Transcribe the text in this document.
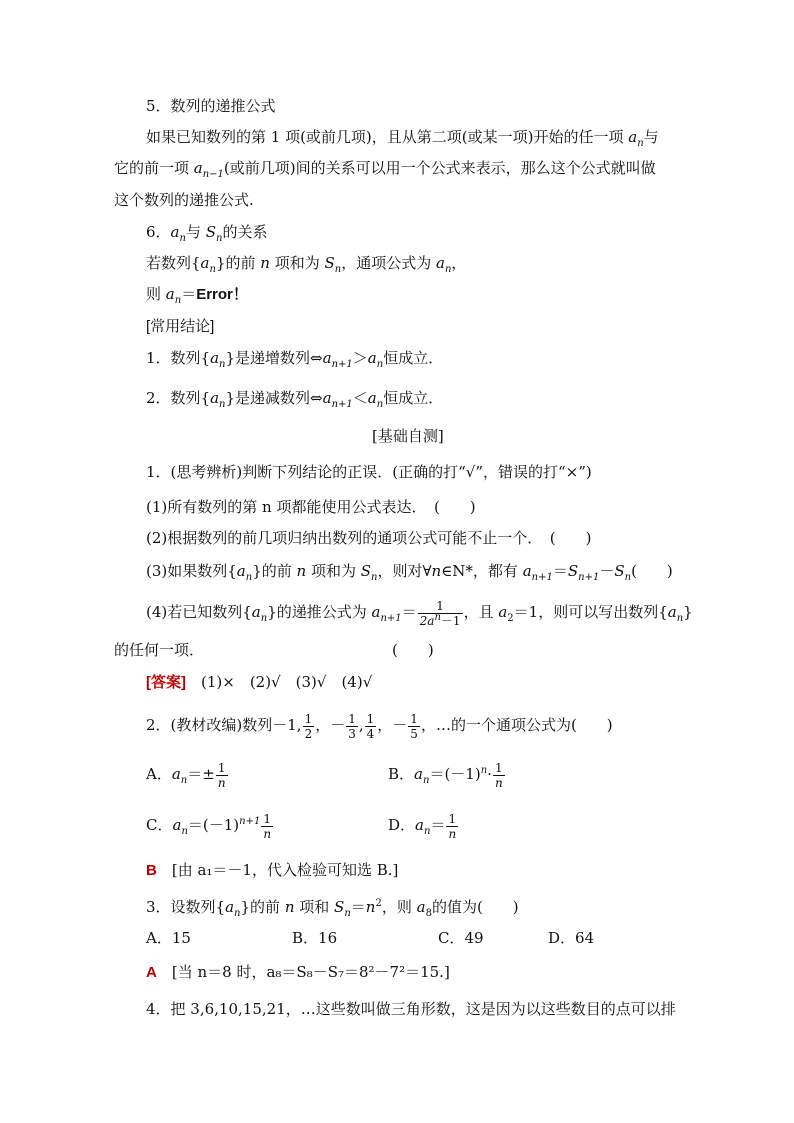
5．数列的递推公式
如果已知数列的第 1 项(或前几项)，且从第二项(或某一项)开始的任一项 $a_n$与
它的前一项 $a_{n-1}$(或前几项)间的关系可以用一个公式来表示，那么这个公式就叫做
这个数列的递推公式.
6．$a_n$与 $S_n$的关系
若数列$\{a_n\}$的前 n 项和为 $S_n$，通项公式为 $a_n$，
则 $a_n=Error$！
[常用结论]
1．数列$\{a_n\}$是递增数列$\Leftrightarrow a_{n+1}>a_n$恒成立．
2．数列$\{a_n\}$是递减数列$\Leftrightarrow a_{n+1}<a_n$恒成立．
[基础自测]
1．(思考辨析)判断下列结论的正误．(正确的打“√”，错误的打“×”)
(1)所有数列的第 n 项都能使用公式表达．　(　　)
(2)根据数列的前几项归纳出数列的通项公式可能不止一个．　(　　)
(3)如果数列$\{a_n\}$的前 n 项和为 $S_n$，则对∀n∈N*，都有 $a_{n+1}=S_{n+1}-S_n$(　　)
(4)若已知数列$\{a_n\}$的递推公式为 $a_{n+1}= \frac{1}{2a^n-1}$ ，且 $a_2=1$，则可以写出数列$\{a_n\}$
的任何一项．	(　　)
[答案]　 (1)×　(2)√　(3)√　(4)√
2．(教材改编)数列－1, $\frac{1}{2}$ ，－ $\frac{1}{3}$ , $\frac{1}{4}$ ，－ $\frac{1}{5}$ ，…的一个通项公式为(　　)
A．$a_n=\pm \frac{1}{n}$	B．$a_n=(-1)^n\cdot \frac{1}{n}$
C．$a_n=(-1)^{n+1} \frac{1}{n}$	D．$a_n= \frac{1}{n}$
B　 [由 a₁＝－1，代入检验可知选 B.]
3．设数列$\{a_n\}$的前 n 项和 $S_n=n^2$，则 $a_8$的值为(　　)
A．15	B．16	C．49	D．64
A　 [当 n＝8 时，a₈＝S₈－S₇＝8²－7²＝15.]
4．把 3,6,10,15,21，…这些数叫做三角形数，这是因为以这些数目的点可以排
